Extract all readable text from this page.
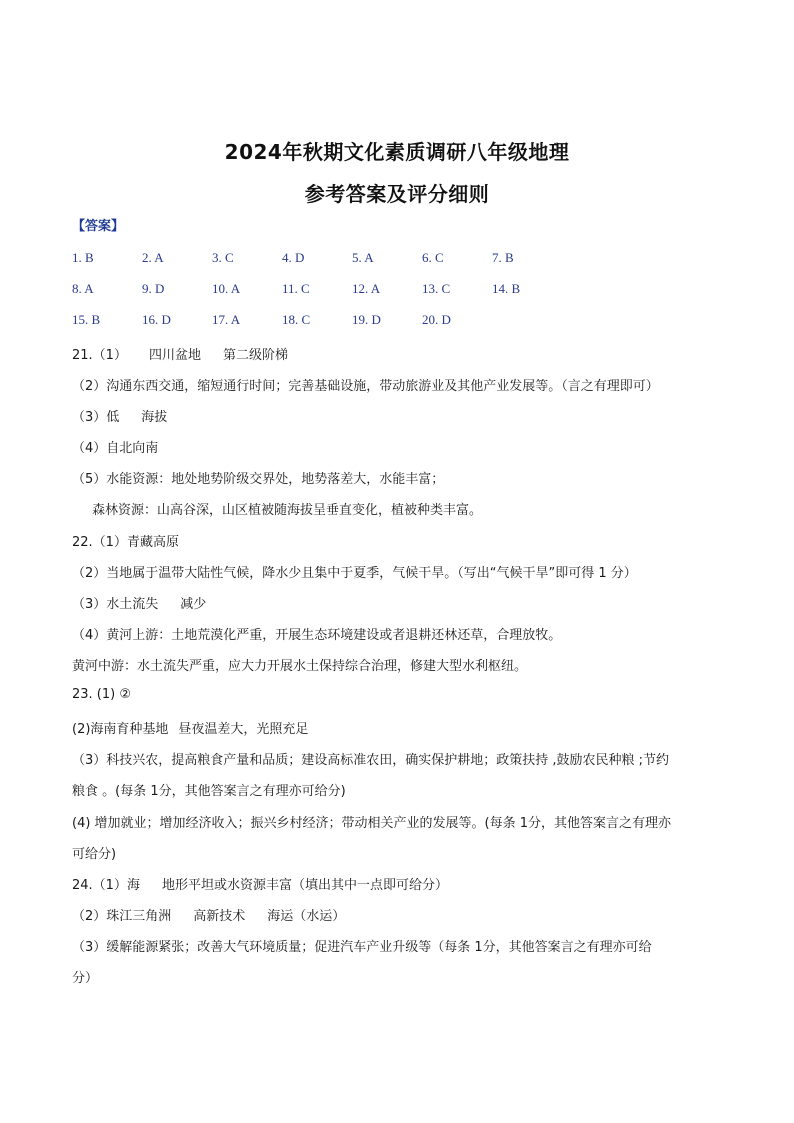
2024年秋期文化素质调研八年级地理
参考答案及评分细则
【答案】
1. B	2. A	3. C	4. D	5. A	6. C	7. B
8. A	9. D	10. A	11. C	12. A	13. C	14. B
15. B	16. D	17. A	18. C	19. D	20. D
21.（1） 四川盆地 第二级阶梯
（2）沟通东西交通，缩短通行时间；完善基础设施，带动旅游业及其他产业发展等。（言之有理即可）
（3）低 海拔
（4）自北向南
（5）水能资源：地处地势阶级交界处，地势落差大，水能丰富；
森林资源：山高谷深，山区植被随海拔呈垂直变化，植被种类丰富。
22.（1）青藏高原
（2）当地属于温带大陆性气候，降水少且集中于夏季，气候干旱。（写出“气候干旱”即可得 1 分）
（3）水土流失 减少
（4）黄河上游：土地荒漠化严重，开展生态环境建设或者退耕还林还草，合理放牧。
黄河中游：水土流失严重，应大力开展水土保持综合治理，修建大型水利枢纽。
23. (1) ②
(2)海南育种基地 昼夜温差大，光照充足
（3）科技兴农，提高粮食产量和品质；建设高标准农田，确实保护耕地；政策扶持 ,鼓励农民种粮 ;节约
粮食 。(每条 1分，其他答案言之有理亦可给分)
(4) 增加就业；增加经济收入；振兴乡村经济；带动相关产业的发展等。(每条 1分，其他答案言之有理亦
可给分)
24.（1）海 地形平坦或水资源丰富（填出其中一点即可给分）
（2）珠江三角洲 高新技术 海运（水运）
（3）缓解能源紧张；改善大气环境质量；促进汽车产业升级等（每条 1分，其他答案言之有理亦可给
分）
